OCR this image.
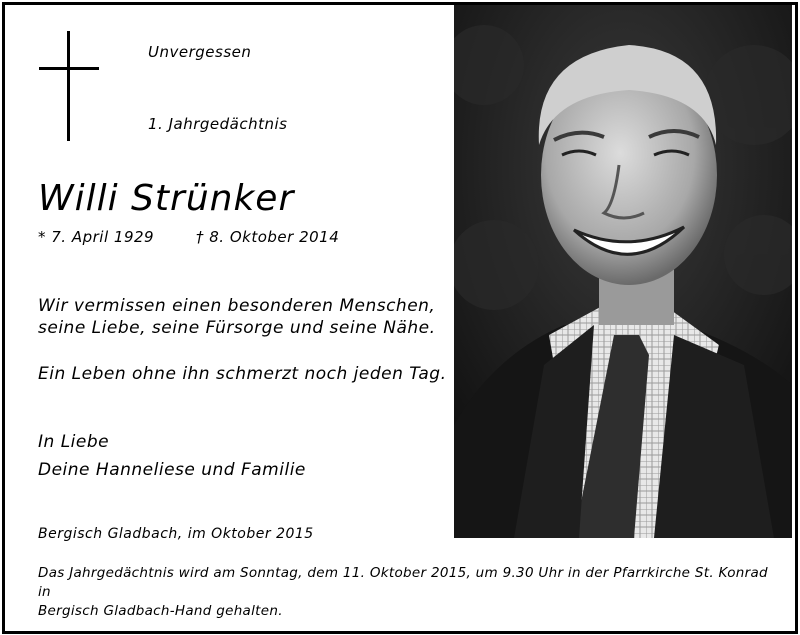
Unvergessen
1. Jahrgedächtnis
Willi Strünker
* 7. April 1929	† 8. Oktober 2014
Wir vermissen einen besonderen Menschen,
seine Liebe, seine Fürsorge und seine Nähe.
Ein Leben ohne ihn schmerzt noch jeden Tag.
In Liebe
Deine Hanneliese und Familie
Bergisch Gladbach, im Oktober 2015
Das Jahrgedächtnis wird am Sonntag, dem 11. Oktober 2015, um 9.30 Uhr in der Pfarrkirche St. Konrad in
Bergisch Gladbach-Hand gehalten.
